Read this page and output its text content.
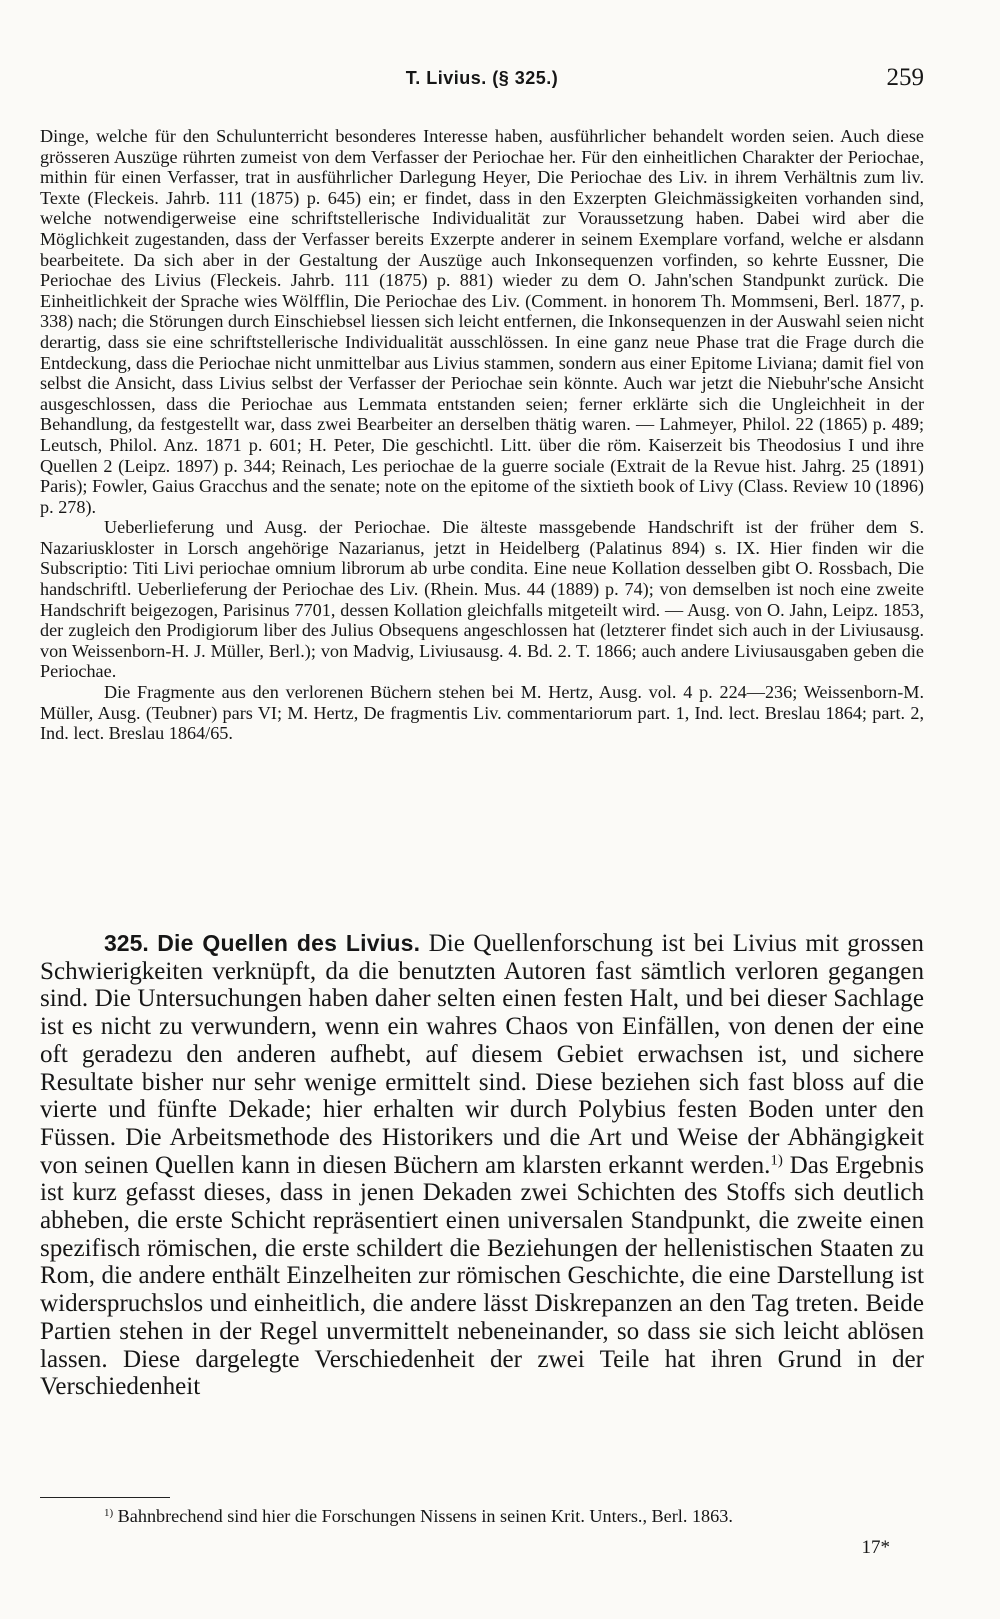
T. Livius. (§ 325.)	259

Dinge, welche für den Schulunterricht besonderes Interesse haben, ausführlicher behandelt worden seien. Auch diese grösseren Auszüge rührten zumeist von dem Verfasser der Periochae her. Für den einheitlichen Charakter der Periochae, mithin für einen Verfasser, trat in ausführlicher Darlegung Heyer, Die Periochae des Liv. in ihrem Verhältnis zum liv. Texte (Fleckeis. Jahrb. 111 (1875) p. 645) ein; er findet, dass in den Exzerpten Gleichmässigkeiten vorhanden sind, welche notwendigerweise eine schriftstellerische Individualität zur Voraussetzung haben. Dabei wird aber die Möglichkeit zugestanden, dass der Verfasser bereits Exzerpte anderer in seinem Exemplare vorfand, welche er alsdann bearbeitete. Da sich aber in der Gestaltung der Auszüge auch Inkonsequenzen vorfinden, so kehrte Eussner, Die Periochae des Livius (Fleckeis. Jahrb. 111 (1875) p. 881) wieder zu dem O. Jahn'schen Standpunkt zurück. Die Einheitlichkeit der Sprache wies Wölfflin, Die Periochae des Liv. (Comment. in honorem Th. Mommseni, Berl. 1877, p. 338) nach; die Störungen durch Einschiebsel liessen sich leicht entfernen, die Inkonsequenzen in der Auswahl seien nicht derartig, dass sie eine schriftstellerische Individualität ausschlössen. In eine ganz neue Phase trat die Frage durch die Entdeckung, dass die Periochae nicht unmittelbar aus Livius stammen, sondern aus einer Epitome Liviana; damit fiel von selbst die Ansicht, dass Livius selbst der Verfasser der Periochae sein könnte. Auch war jetzt die Niebuhr'sche Ansicht ausgeschlossen, dass die Periochae aus Lemmata entstanden seien; ferner erklärte sich die Ungleichheit in der Behandlung, da festgestellt war, dass zwei Bearbeiter an derselben thätig waren. — Lahmeyer, Philol. 22 (1865) p. 489; Leutsch, Philol. Anz. 1871 p. 601; H. Peter, Die geschichtl. Litt. über die röm. Kaiserzeit bis Theodosius I und ihre Quellen 2 (Leipz. 1897) p. 344; Reinach, Les periochae de la guerre sociale (Extrait de la Revue hist. Jahrg. 25 (1891) Paris); Fowler, Gaius Gracchus and the senate; note on the epitome of the sixtieth book of Livy (Class. Review 10 (1896) p. 278).

Ueberlieferung und Ausg. der Periochae. Die älteste massgebende Handschrift ist der früher dem S. Nazariuskloster in Lorsch angehörige Nazarianus, jetzt in Heidelberg (Palatinus 894) s. IX. Hier finden wir die Subscriptio: Titi Livi periochae omnium librorum ab urbe condita. Eine neue Kollation desselben gibt O. Rossbach, Die handschriftl. Ueberlieferung der Periochae des Liv. (Rhein. Mus. 44 (1889) p. 74); von demselben ist noch eine zweite Handschrift beigezogen, Parisinus 7701, dessen Kollation gleichfalls mitgeteilt wird. — Ausg. von O. Jahn, Leipz. 1853, der zugleich den Prodigiorum liber des Julius Obsequens angeschlossen hat (letzterer findet sich auch in der Liviusausg. von Weissenborn-H. J. Müller, Berl.); von Madvig, Liviusausg. 4. Bd. 2. T. 1866; auch andere Liviusausgaben geben die Periochae.

Die Fragmente aus den verlorenen Büchern stehen bei M. Hertz, Ausg. vol. 4 p. 224—236; Weissenborn-M. Müller, Ausg. (Teubner) pars VI; M. Hertz, De fragmentis Liv. commentariorum part. 1, Ind. lect. Breslau 1864; part. 2, Ind. lect. Breslau 1864/65.

325. Die Quellen des Livius. Die Quellenforschung ist bei Livius mit grossen Schwierigkeiten verknüpft, da die benutzten Autoren fast sämtlich verloren gegangen sind. Die Untersuchungen haben daher selten einen festen Halt, und bei dieser Sachlage ist es nicht zu verwundern, wenn ein wahres Chaos von Einfällen, von denen der eine oft geradezu den anderen aufhebt, auf diesem Gebiet erwachsen ist, und sichere Resultate bisher nur sehr wenige ermittelt sind. Diese beziehen sich fast bloss auf die vierte und fünfte Dekade; hier erhalten wir durch Polybius festen Boden unter den Füssen. Die Arbeitsmethode des Historikers und die Art und Weise der Abhängigkeit von seinen Quellen kann in diesen Büchern am klarsten erkannt werden.$^{1)}$ Das Ergebnis ist kurz gefasst dieses, dass in jenen Dekaden zwei Schichten des Stoffs sich deutlich abheben, die erste Schicht repräsentiert einen universalen Standpunkt, die zweite einen spezifisch römischen, die erste schildert die Beziehungen der hellenistischen Staaten zu Rom, die andere enthält Einzelheiten zur römischen Geschichte, die eine Darstellung ist widerspruchslos und einheitlich, die andere lässt Diskrepanzen an den Tag treten. Beide Partien stehen in der Regel unvermittelt nebeneinander, so dass sie sich leicht ablösen lassen. Diese dargelegte Verschiedenheit der zwei Teile hat ihren Grund in der Verschiedenheit

$^{1)}$ Bahnbrechend sind hier die Forschungen Nissens in seinen Krit. Unters., Berl. 1863.
17*
